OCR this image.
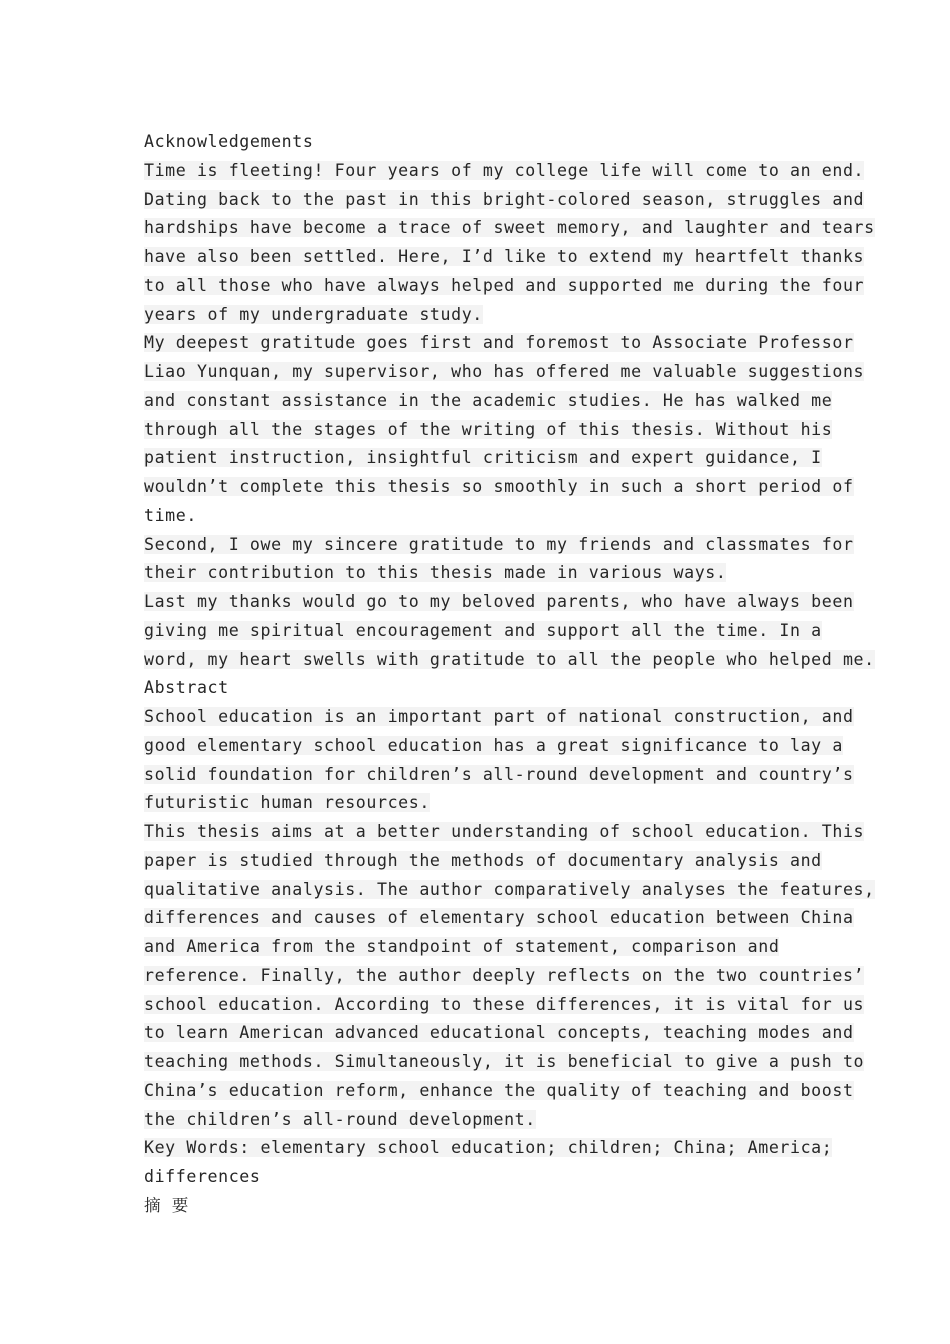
Acknowledgements
Time is fleeting! Four years of my college life will come to an end.
Dating back to the past in this bright-colored season, struggles and
hardships have become a trace of sweet memory, and laughter and tears
have also been settled. Here, I’d like to extend my heartfelt thanks
to all those who have always helped and supported me during the four
years of my undergraduate study.
My deepest gratitude goes first and foremost to Associate Professor
Liao Yunquan, my supervisor, who has offered me valuable suggestions
and constant assistance in the academic studies. He has walked me
through all the stages of the writing of this thesis. Without his
patient instruction, insightful criticism and expert guidance, I
wouldn’t complete this thesis so smoothly in such a short period of
time.
Second, I owe my sincere gratitude to my friends and classmates for
their contribution to this thesis made in various ways.
Last my thanks would go to my beloved parents, who have always been
giving me spiritual encouragement and support all the time. In a
word, my heart swells with gratitude to all the people who helped me.
Abstract
School education is an important part of national construction, and
good elementary school education has a great significance to lay a
solid foundation for children’s all-round development and country’s
futuristic human resources.
This thesis aims at a better understanding of school education. This
paper is studied through the methods of documentary analysis and
qualitative analysis. The author comparatively analyses the features,
differences and causes of elementary school education between China
and America from the standpoint of statement, comparison and
reference. Finally, the author deeply reflects on the two countries’
school education. According to these differences, it is vital for us
to learn American advanced educational concepts, teaching modes and
teaching methods. Simultaneously, it is beneficial to give a push to
China’s education reform, enhance the quality of teaching and boost
the children’s all-round development.
Key Words: elementary school education; children; China; America;
differences
摘 要
